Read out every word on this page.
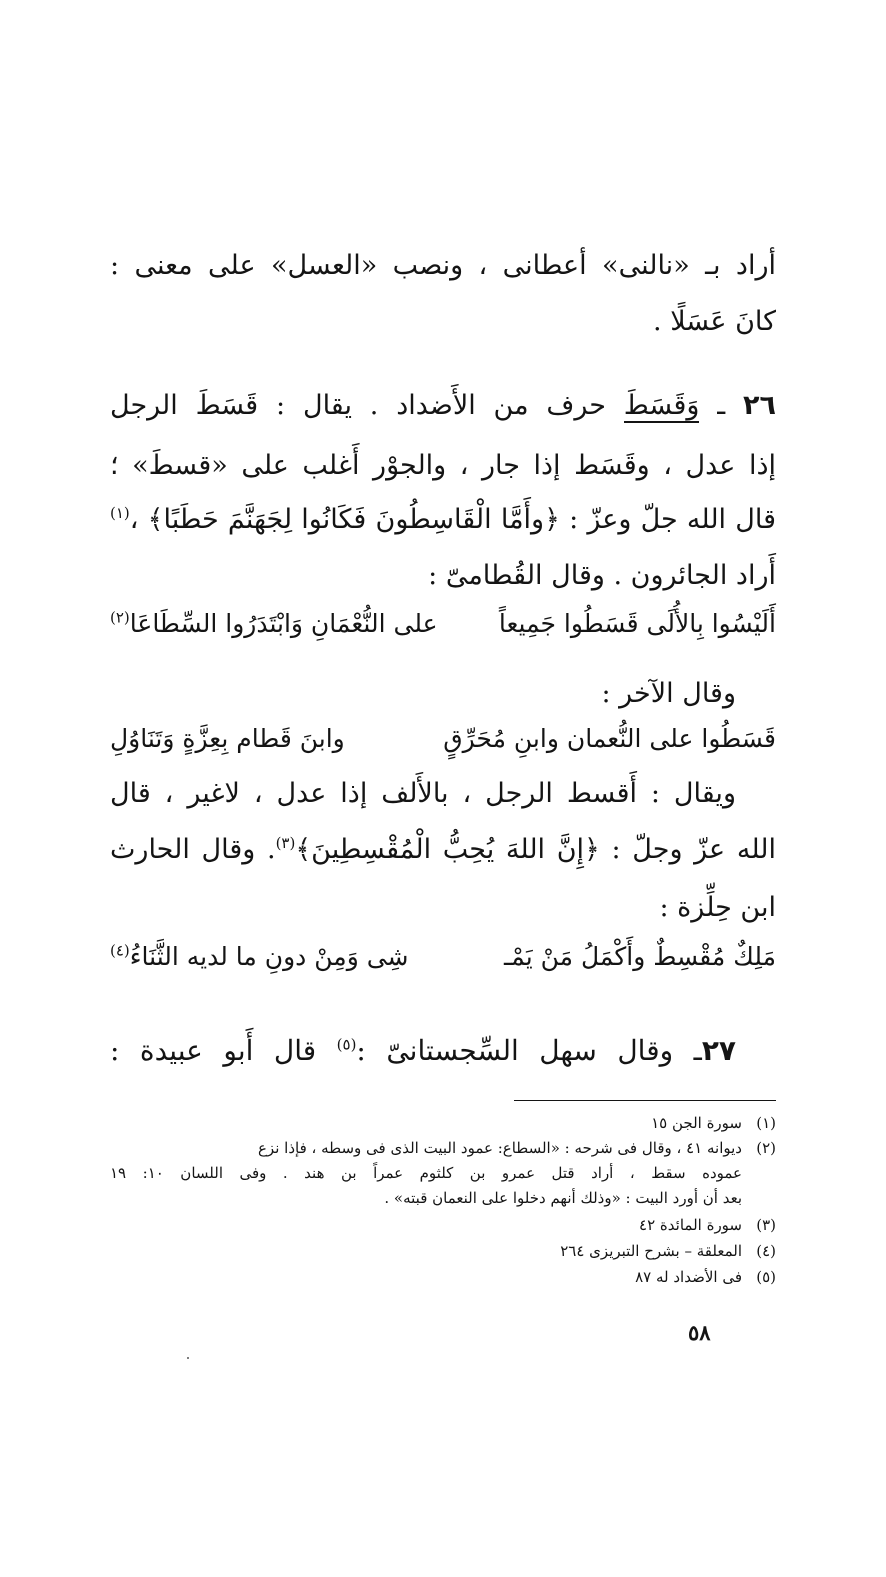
أراد بـ «نالنى» أعطانى ، ونصب «العسل» على معنى :
كانَ عَسَلًا .
٢٦ ـ وَقَسَطَ حرف من الأَضداد . يقال : قَسَطَ الرجل
إذا عدل ، وقَسَط إذا جار ، والجوْر أَغلب على «قسطَ» ؛
قال الله جلّ وعزّ : ﴿وأَمَّا الْقَاسِطُونَ فَكَانُوا لِجَهَنَّمَ حَطَبًا﴾ ،$^{(١)}$
أَراد الجائرون . وقال القُطامىّ :
أَلَيْسُوا بِالأُلَى قَسَطُوا جَمِيعاً
على النُّعْمَانِ وَابْتَدَرُوا السِّطَاعَا$^{(٢)}$
وقال الآخر :
قَسَطُوا على النُّعمان وابنِ مُحَرِّقٍ
وابنَ قَطام بِعِزَّةٍ وَتَنَاوُلِ
ويقال : أَقسط الرجل ، بالأَلف إذا عدل ، لاغير ، قال
الله عزّ وجلّ : ﴿إِنَّ اللهَ يُحِبُّ الْمُقْسِطِينَ﴾$^{(٣)}$. وقال الحارث
ابن حِلِّزة :
مَلِكٌ مُقْسِطٌ وأَكْمَلُ مَنْ يَمْـ
شِى وَمِنْ دونِ ما لديه الثَّنَاءُ$^{(٤)}$
٢٧ـ وقال سهل السِّجستانىّ :$^{(٥)}$ قال أَبو عبيدة :
(١)سورة الجن ١٥
(٢)ديوانه ٤١ ، وقال فى شرحه : «السطاع: عمود البيت الذى فى وسطه ، فإذا نزع
عموده سقط ، أراد قتل عمرو بن كلثوم عمراً بن هند . وفى اللسان ١٠: ١٩
بعد أن أورد البيت : «وذلك أنهم دخلوا على النعمان قبته» .
(٣)سورة المائدة ٤٢
(٤)المعلقة – بشرح التبريزى ٢٦٤
(٥)فى الأضداد له ٨٧
٥٨
